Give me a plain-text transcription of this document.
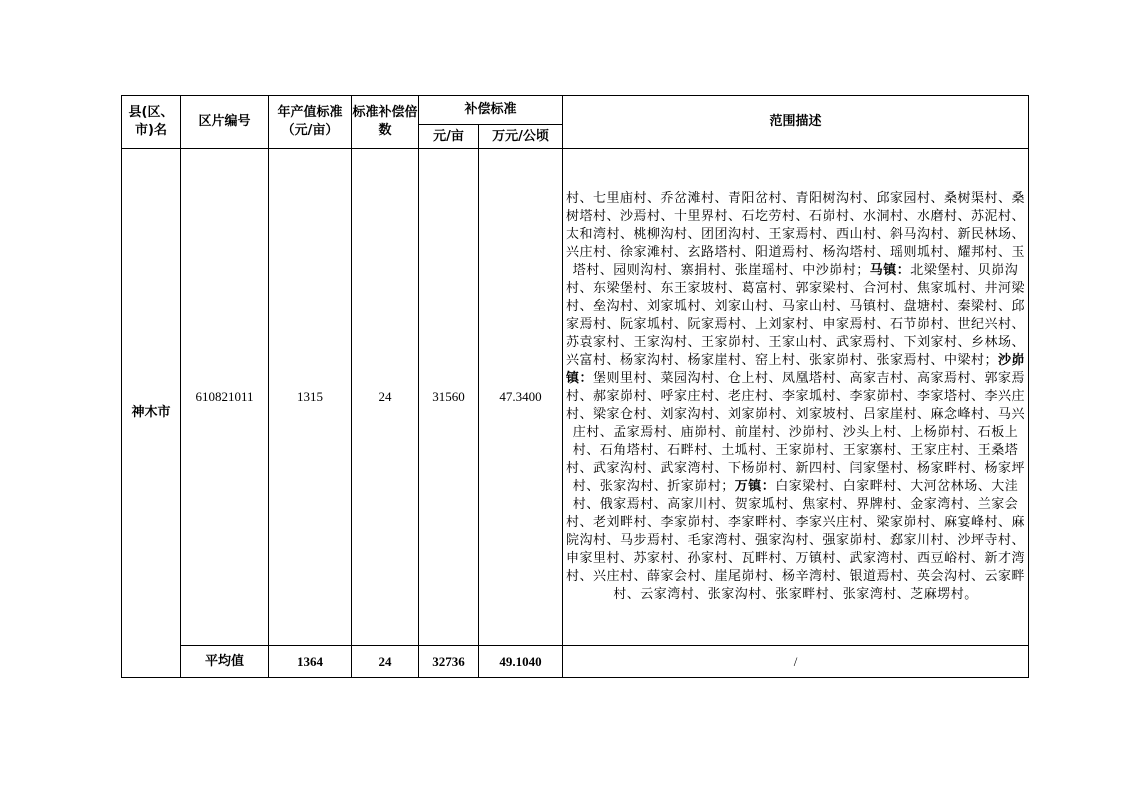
县(区、市)名	区片编号	年产值标准（元/亩）	标准补偿倍数	补偿标准		范围描述
				元/亩	万元/公顷	
神木市	610821011	1315	24	31560	47.3400	村、七里庙村、乔岔滩村、青阳岔村、青阳树沟村、邱家园村、桑树渠村、桑树塔村、沙焉村、十里界村、石圪劳村、石峁村、水洞村、水磨村、苏泥村、太和湾村、桃柳沟村、团团沟村、王家焉村、西山村、斜马沟村、新民林场、兴庄村、徐家滩村、玄路塔村、阳道焉村、杨沟塔村、瑶则坬村、耀邦村、玉塔村、园则沟村、寨捐村、张崖瑶村、中沙峁村；马镇：北梁堡村、贝峁沟村、东梁堡村、东王家坡村、葛富村、郭家梁村、合河村、焦家坬村、井河梁村、垒沟村、刘家坬村、刘家山村、马家山村、马镇村、盘塘村、秦梁村、邱家焉村、阮家坬村、阮家焉村、上刘家村、申家焉村、石节峁村、世纪兴村、苏袁家村、王家沟村、王家峁村、王家山村、武家焉村、下刘家村、乡林场、兴富村、杨家沟村、杨家崖村、窑上村、张家峁村、张家焉村、中梁村；沙峁镇：堡则里村、菜园沟村、仓上村、凤凰塔村、高家吉村、高家焉村、郭家焉村、郝家峁村、呼家庄村、老庄村、李家坬村、李家峁村、李家塔村、李兴庄村、梁家仓村、刘家沟村、刘家峁村、刘家坡村、吕家崖村、麻念峰村、马兴庄村、孟家焉村、庙峁村、前崖村、沙峁村、沙头上村、上杨峁村、石板上村、石角塔村、石畔村、土坬村、王家峁村、王家寨村、王家庄村、王桑塔村、武家沟村、武家湾村、下杨峁村、新四村、闫家堡村、杨家畔村、杨家坪村、张家沟村、折家峁村；万镇：白家梁村、白家畔村、大河岔林场、大洼村、俄家焉村、高家川村、贺家坬村、焦家村、界牌村、金家湾村、兰家会村、老刘畔村、李家峁村、李家畔村、李家兴庄村、梁家峁村、麻宴峰村、麻院沟村、马步焉村、毛家湾村、强家沟村、强家峁村、郄家川村、沙坪寺村、申家里村、苏家村、孙家村、瓦畔村、万镇村、武家湾村、西豆峪村、新才湾村、兴庄村、薛家会村、崖尾峁村、杨辛湾村、银道焉村、英会沟村、云家畔村、云家湾村、张家沟村、张家畔村、张家湾村、芝麻塄村。
	平均值	1364	24	32736	49.1040	/
